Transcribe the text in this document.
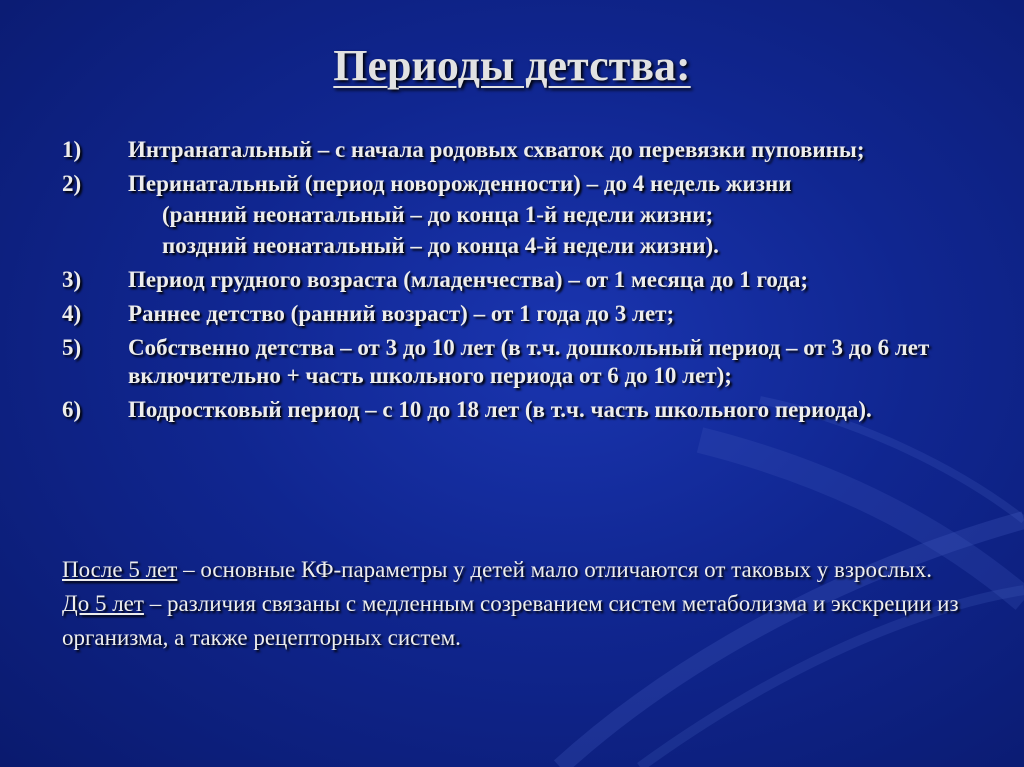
Периоды детства:
1) Интранатальный – с начала родовых схваток до перевязки пуповины;
2) Перинатальный (период новорожденности) – до 4 недель жизни
(ранний неонатальный – до конца 1-й недели жизни;
поздний неонатальный – до конца 4-й недели жизни).
3) Период грудного возраста (младенчества) – от 1 месяца до 1 года;
4) Раннее детство (ранний возраст) – от 1 года до 3 лет;
5) Собственно детства – от 3 до 10 лет (в т.ч. дошкольный период – от 3 до 6 лет включительно + часть школьного периода от 6 до 10 лет);
6) Подростковый период – с 10 до 18 лет (в т.ч. часть школьного периода).
После 5 лет – основные КФ-параметры у детей мало отличаются от таковых у взрослых.
До 5 лет – различия связаны с медленным созреванием систем метаболизма и экскреции из организма, а также рецепторных систем.
